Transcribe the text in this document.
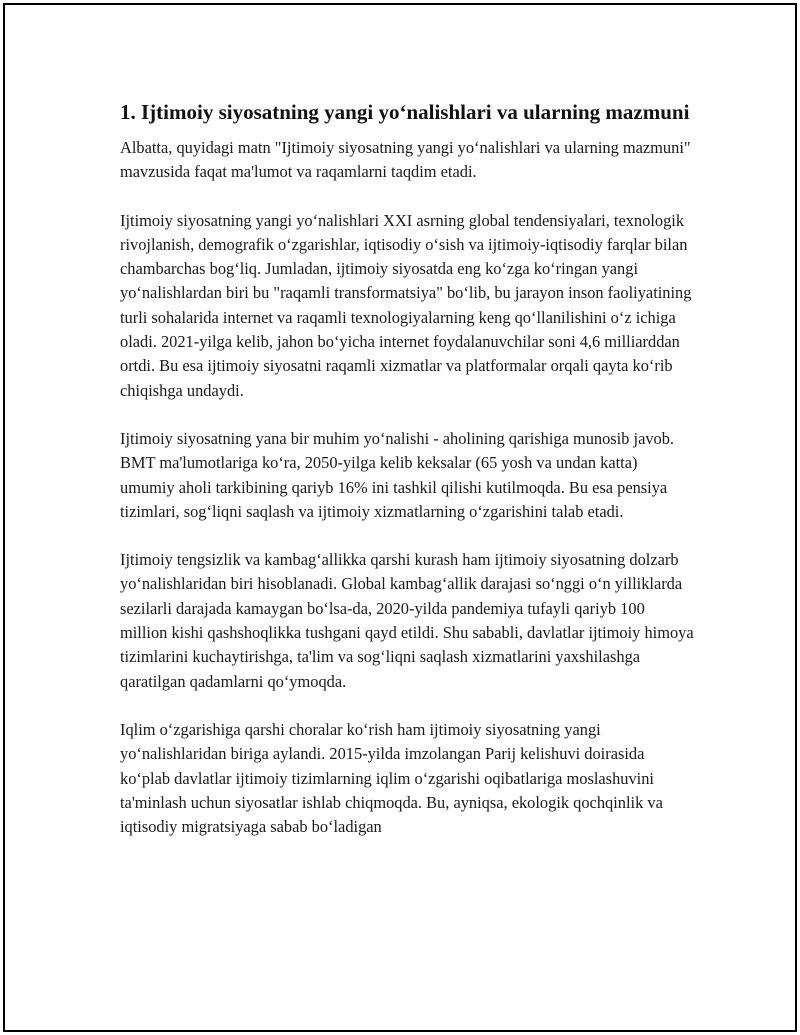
1. Ijtimoiy siyosatning yangi yo‘nalishlari va ularning mazmuni

Albatta, quyidagi matn "Ijtimoiy siyosatning yangi yo‘nalishlari va ularning mazmuni" mavzusida faqat ma'lumot va raqamlarni taqdim etadi.

Ijtimoiy siyosatning yangi yo‘nalishlari XXI asrning global tendensiyalari, texnologik rivojlanish, demografik o‘zgarishlar, iqtisodiy o‘sish va ijtimoiy-iqtisodiy farqlar bilan chambarchas bog‘liq. Jumladan, ijtimoiy siyosatda eng ko‘zga ko‘ringan yangi yo‘nalishlardan biri bu "raqamli transformatsiya" bo‘lib, bu jarayon inson faoliyatining turli sohalarida internet va raqamli texnologiyalarning keng qo‘llanilishini o‘z ichiga oladi. 2021-yilga kelib, jahon bo‘yicha internet foydalanuvchilar soni 4,6 milliarddan ortdi. Bu esa ijtimoiy siyosatni raqamli xizmatlar va platformalar orqali qayta ko‘rib chiqishga undaydi.

Ijtimoiy siyosatning yana bir muhim yo‘nalishi - aholining qarishiga munosib javob. BMT ma'lumotlariga ko‘ra, 2050-yilga kelib keksalar (65 yosh va undan katta) umumiy aholi tarkibining qariyb 16% ini tashkil qilishi kutilmoqda. Bu esa pensiya tizimlari, sog‘liqni saqlash va ijtimoiy xizmatlarning o‘zgarishini talab etadi.

Ijtimoiy tengsizlik va kambag‘allikka qarshi kurash ham ijtimoiy siyosatning dolzarb yo‘nalishlaridan biri hisoblanadi. Global kambag‘allik darajasi so‘nggi o‘n yilliklarda sezilarli darajada kamaygan bo‘lsa-da, 2020-yilda pandemiya tufayli qariyb 100 million kishi qashshoqlikka tushgani qayd etildi. Shu sababli, davlatlar ijtimoiy himoya tizimlarini kuchaytirishga, ta'lim va sog‘liqni saqlash xizmatlarini yaxshilashga qaratilgan qadamlarni qo‘ymoqda.

Iqlim o‘zgarishiga qarshi choralar ko‘rish ham ijtimoiy siyosatning yangi yo‘nalishlaridan biriga aylandi. 2015-yilda imzolangan Parij kelishuvi doirasida ko‘plab davlatlar ijtimoiy tizimlarning iqlim o‘zgarishi oqibatlariga moslashuvini ta'minlash uchun siyosatlar ishlab chiqmoqda. Bu, ayniqsa, ekologik qochqinlik va iqtisodiy migratsiyaga sabab bo‘ladigan
